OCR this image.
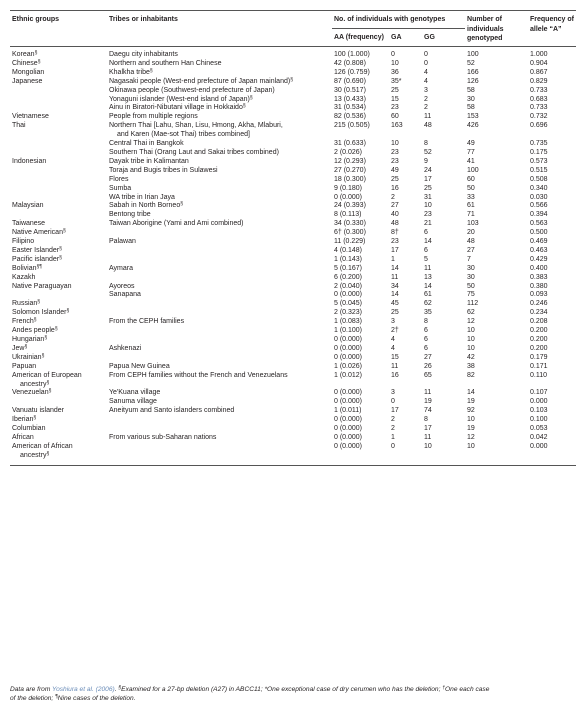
Ethnic groups	Tribes or inhabitants	No. of individuals with genotypes			Number of individuals genotyped	Frequency of allele “A”
		AA (frequency)	GA	GG		
Korean§	Daegu city inhabitants	100 (1.000)	0	0	100	1.000
Chinese§	Northern and southern Han Chinese	42 (0.808)	10	0	52	0.904
Mongolian	Khalkha tribe§	126 (0.759)	36	4	166	0.867
Japanese	Nagasaki people (West-end prefecture of Japan mainland)§	87 (0.690)	35*	4	126	0.829
	Okinawa people (Southwest-end prefecture of Japan)	30 (0.517)	25	3	58	0.733
	Yonaguni islander (West-end island of Japan)§	13 (0.433)	15	2	30	0.683
	Ainu in Biratori-Nibutani village in Hokkaido§	31 (0.534)	23	2	58	0.733
Vietnamese	People from multiple regions	82 (0.536)	60	11	153	0.732
Thai	Northern Thai [Lahu, Shan, Lisu, Hmong, Akha, Mlaburi,
and Karen (Mae-sot Thai) tribes combined]	215 (0.505)	163	48	426	0.696
	Central Thai in Bangkok	31 (0.633)	10	8	49	0.735
	Southern Thai (Orang Laut and Sakai tribes combined)	2 (0.026)	23	52	77	0.175
Indonesian	Dayak tribe in Kalimantan	12 (0.293)	23	9	41	0.573
	Toraja and Bugis tribes in Sulawesi	27 (0.270)	49	24	100	0.515
	Flores	18 (0.300)	25	17	60	0.508
	Sumba	9 (0.180)	16	25	50	0.340
	WA tribe in Irian Jaya	0 (0.000)	2	31	33	0.030
Malaysian	Sabah in North Borneo§	24 (0.393)	27	10	61	0.566
	Bentong tribe	8 (0.113)	40	23	71	0.394
Taiwanese	Taiwan Aborigine (Yami and Ami combined)	34 (0.330)	48	21	103	0.563
Native American§		6† (0.300)	8†	6	20	0.500
Filipino	Palawan	11 (0.229)	23	14	48	0.469
Easter Islander§		4 (0.148)	17	6	27	0.463
Pacific islander§		1 (0.143)	1	5	7	0.429
Bolivian§¶	Aymara	5 (0.167)	14	11	30	0.400
Kazakh		6 (0.200)	11	13	30	0.383
Native Paraguayan	Ayoreos	2 (0.040)	34	14	50	0.380
	Sanapana	0 (0.000)	14	61	75	0.093
Russian§		5 (0.045)	45	62	112	0.246
Solomon Islander§		2 (0.323)	25	35	62	0.234
French§	From the CEPH families	1 (0.083)	3	8	12	0.208
Andes people§		1 (0.100)	2†	6	10	0.200
Hungarian§		0 (0.000)	4	6	10	0.200
Jew§	Ashkenazi	0 (0.000)	4	6	10	0.200
Ukrainian§		0 (0.000)	15	27	42	0.179
Papuan	Papua New Guinea	1 (0.026)	11	26	38	0.171
American of European
ancestry§	From CEPH families without the French and Venezuelans	1 (0.012)	16	65	82	0.110
Venezuelan§	Ye'Kuana village	0 (0.000)	3	11	14	0.107
	Sanuma village	0 (0.000)	0	19	19	0.000
Vanuatu islander	Aneityum and Santo islanders combined	1 (0.011)	17	74	92	0.103
Iberian§		0 (0.000)	2	8	10	0.100
Columbian		0 (0.000)	2	17	19	0.053
African	From various sub-Saharan nations	0 (0.000)	1	11	12	0.042
American of African
ancestry§		0 (0.000)	0	10	10	0.000
Data are from Yoshiura et al. (2006). §Examined for a 27-bp deletion (A27) in ABCC11; *One exceptional case of dry cerumen who has the deletion; †One each case
of the deletion; ¶Nine cases of the deletion.
